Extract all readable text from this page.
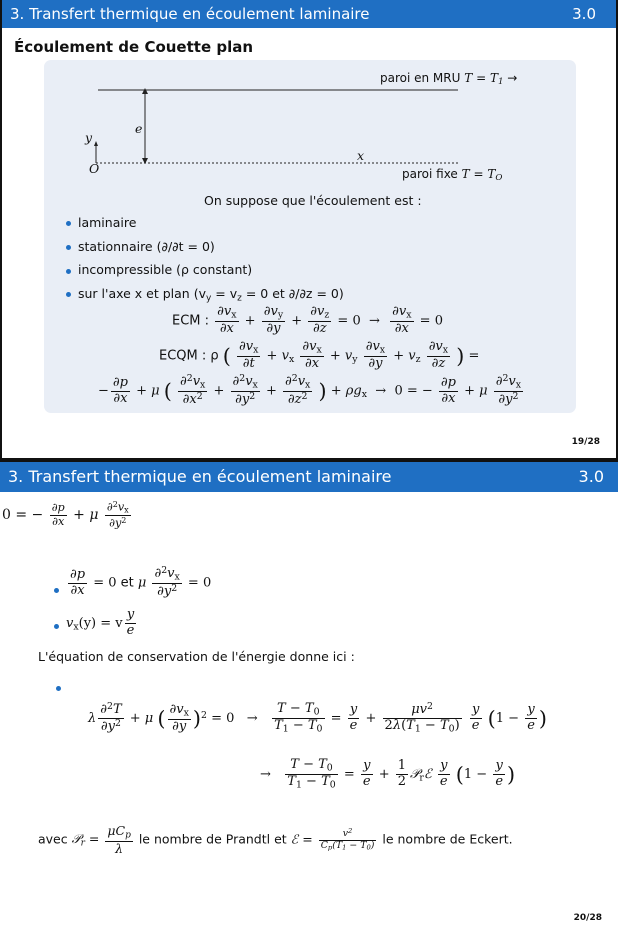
3. Transfert thermique en écoulement laminaire	3.0
Écoulement de Couette plan
paroi en MRU $T = T_1$ →
e
y
x
O	paroi fixe $T = T_O$
On suppose que l'écoulement est :
laminaire
stationnaire (∂/∂t = 0)
incompressible (ρ constant)
sur l'axe x et plan ($v_y = v_z = 0$ et ∂/∂z = 0)
ECM : $\frac{\partial v_x}{\partial x} + \frac{\partial v_y}{\partial y} + \frac{\partial v_z}{\partial z} = 0 \to \frac{\partial v_x}{\partial x} = 0$
ECQM : ρ ( $\frac{\partial v_x}{\partial t} + v_x \frac{\partial v_x}{\partial x} + v_y \frac{\partial v_x}{\partial y} + v_z \frac{\partial v_x}{\partial z}$ ) =
− $\frac{\partial p}{\partial x} + \mu$ ( $\frac{\partial^2v_x}{\partial x^2} + \frac{\partial^2v_x}{\partial y^2} + \frac{\partial^2v_x}{\partial z^2}$ ) + $\rho g_x \to 0$ = − $\frac{\partial p}{\partial x} + \mu \frac{\partial^2v_x}{\partial y^2}$
19/28
3. Transfert thermique en écoulement laminaire	3.0
0 = − $\frac{\partial p}{\partial x} + \mu \frac{\partial^2v_x}{\partial y^2}$
$\frac{\partial p}{\partial x} = 0$ et μ $\frac{\partial^2v_x}{\partial y^2} = 0$
$v_x(y) = v \frac{y}{e}$
L'équation de conservation de l'énergie donne ici :
λ $\frac{\partial^2T}{\partial y^2} + \mu$ ( $\frac{\partial v_x}{\partial y} )^2 = 0 \to \frac{T - T_0}{T_1 - T_0} = \frac{y}{e} + \frac{\mu v^2}{2\lambda(T_1 - T_0)}$
$\frac{y}{e} (1 - \frac{y}{e}$ )
→ $\frac{T - T_0}{T_1 - T_0} = \frac{y}{e} + \frac{1}{2}$ 𝒫$_r$ℰ $\frac{y}{e} (1 - \frac{y}{e}$ )
avec 𝒫$_r$ = $\frac{\mu C_p}{\lambda}$ le nombre de Prandtl et ℰ = $\frac{v^2}{C_p(T_1 - T_0)}$ le nombre de Eckert.
20/28
